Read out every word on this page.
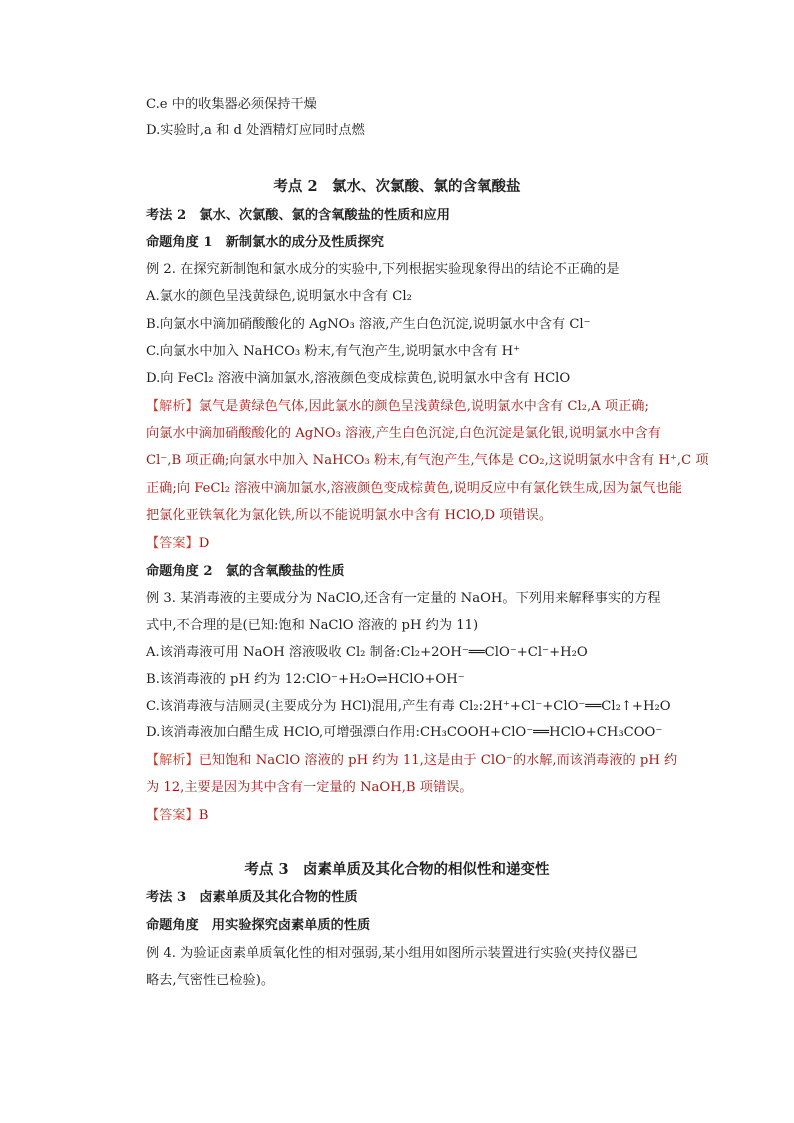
C.e 中的收集器必须保持干燥
D.实验时,a 和 d 处酒精灯应同时点燃
考点 2　氯水、次氯酸、氯的含氧酸盐
考法 2　氯水、次氯酸、氯的含氧酸盐的性质和应用
命题角度 1　新制氯水的成分及性质探究
例 2. 在探究新制饱和氯水成分的实验中,下列根据实验现象得出的结论不正确的是
A.氯水的颜色呈浅黄绿色,说明氯水中含有 Cl₂
B.向氯水中滴加硝酸酸化的 AgNO₃ 溶液,产生白色沉淀,说明氯水中含有 Cl⁻
C.向氯水中加入 NaHCO₃ 粉末,有气泡产生,说明氯水中含有 H⁺
D.向 FeCl₂ 溶液中滴加氯水,溶液颜色变成棕黄色,说明氯水中含有 HClO
【解析】氯气是黄绿色气体,因此氯水的颜色呈浅黄绿色,说明氯水中含有 Cl₂,A 项正确;
向氯水中滴加硝酸酸化的 AgNO₃ 溶液,产生白色沉淀,白色沉淀是氯化银,说明氯水中含有
Cl⁻,B 项正确;向氯水中加入 NaHCO₃ 粉末,有气泡产生,气体是 CO₂,这说明氯水中含有 H⁺,C 项
正确;向 FeCl₂ 溶液中滴加氯水,溶液颜色变成棕黄色,说明反应中有氯化铁生成,因为氯气也能
把氯化亚铁氧化为氯化铁,所以不能说明氯水中含有 HClO,D 项错误。
【答案】D
命题角度 2　氯的含氧酸盐的性质
例 3. 某消毒液的主要成分为 NaClO,还含有一定量的 NaOH。下列用来解释事实的方程
式中,不合理的是(已知:饱和 NaClO 溶液的 pH 约为 11)
A.该消毒液可用 NaOH 溶液吸收 Cl₂ 制备:Cl₂+2OH⁻══ClO⁻+Cl⁻+H₂O
B.该消毒液的 pH 约为 12:ClO⁻+H₂O⇌HClO+OH⁻
C.该消毒液与洁厕灵(主要成分为 HCl)混用,产生有毒 Cl₂:2H⁺+Cl⁻+ClO⁻══Cl₂↑+H₂O
D.该消毒液加白醋生成 HClO,可增强漂白作用:CH₃COOH+ClO⁻══HClO+CH₃COO⁻
【解析】已知饱和 NaClO 溶液的 pH 约为 11,这是由于 ClO⁻的水解,而该消毒液的 pH 约
为 12,主要是因为其中含有一定量的 NaOH,B 项错误。
【答案】B
考点 3　卤素单质及其化合物的相似性和递变性
考法 3　卤素单质及其化合物的性质
命题角度　用实验探究卤素单质的性质
例 4. 为验证卤素单质氧化性的相对强弱,某小组用如图所示装置进行实验(夹持仪器已
略去,气密性已检验)。
